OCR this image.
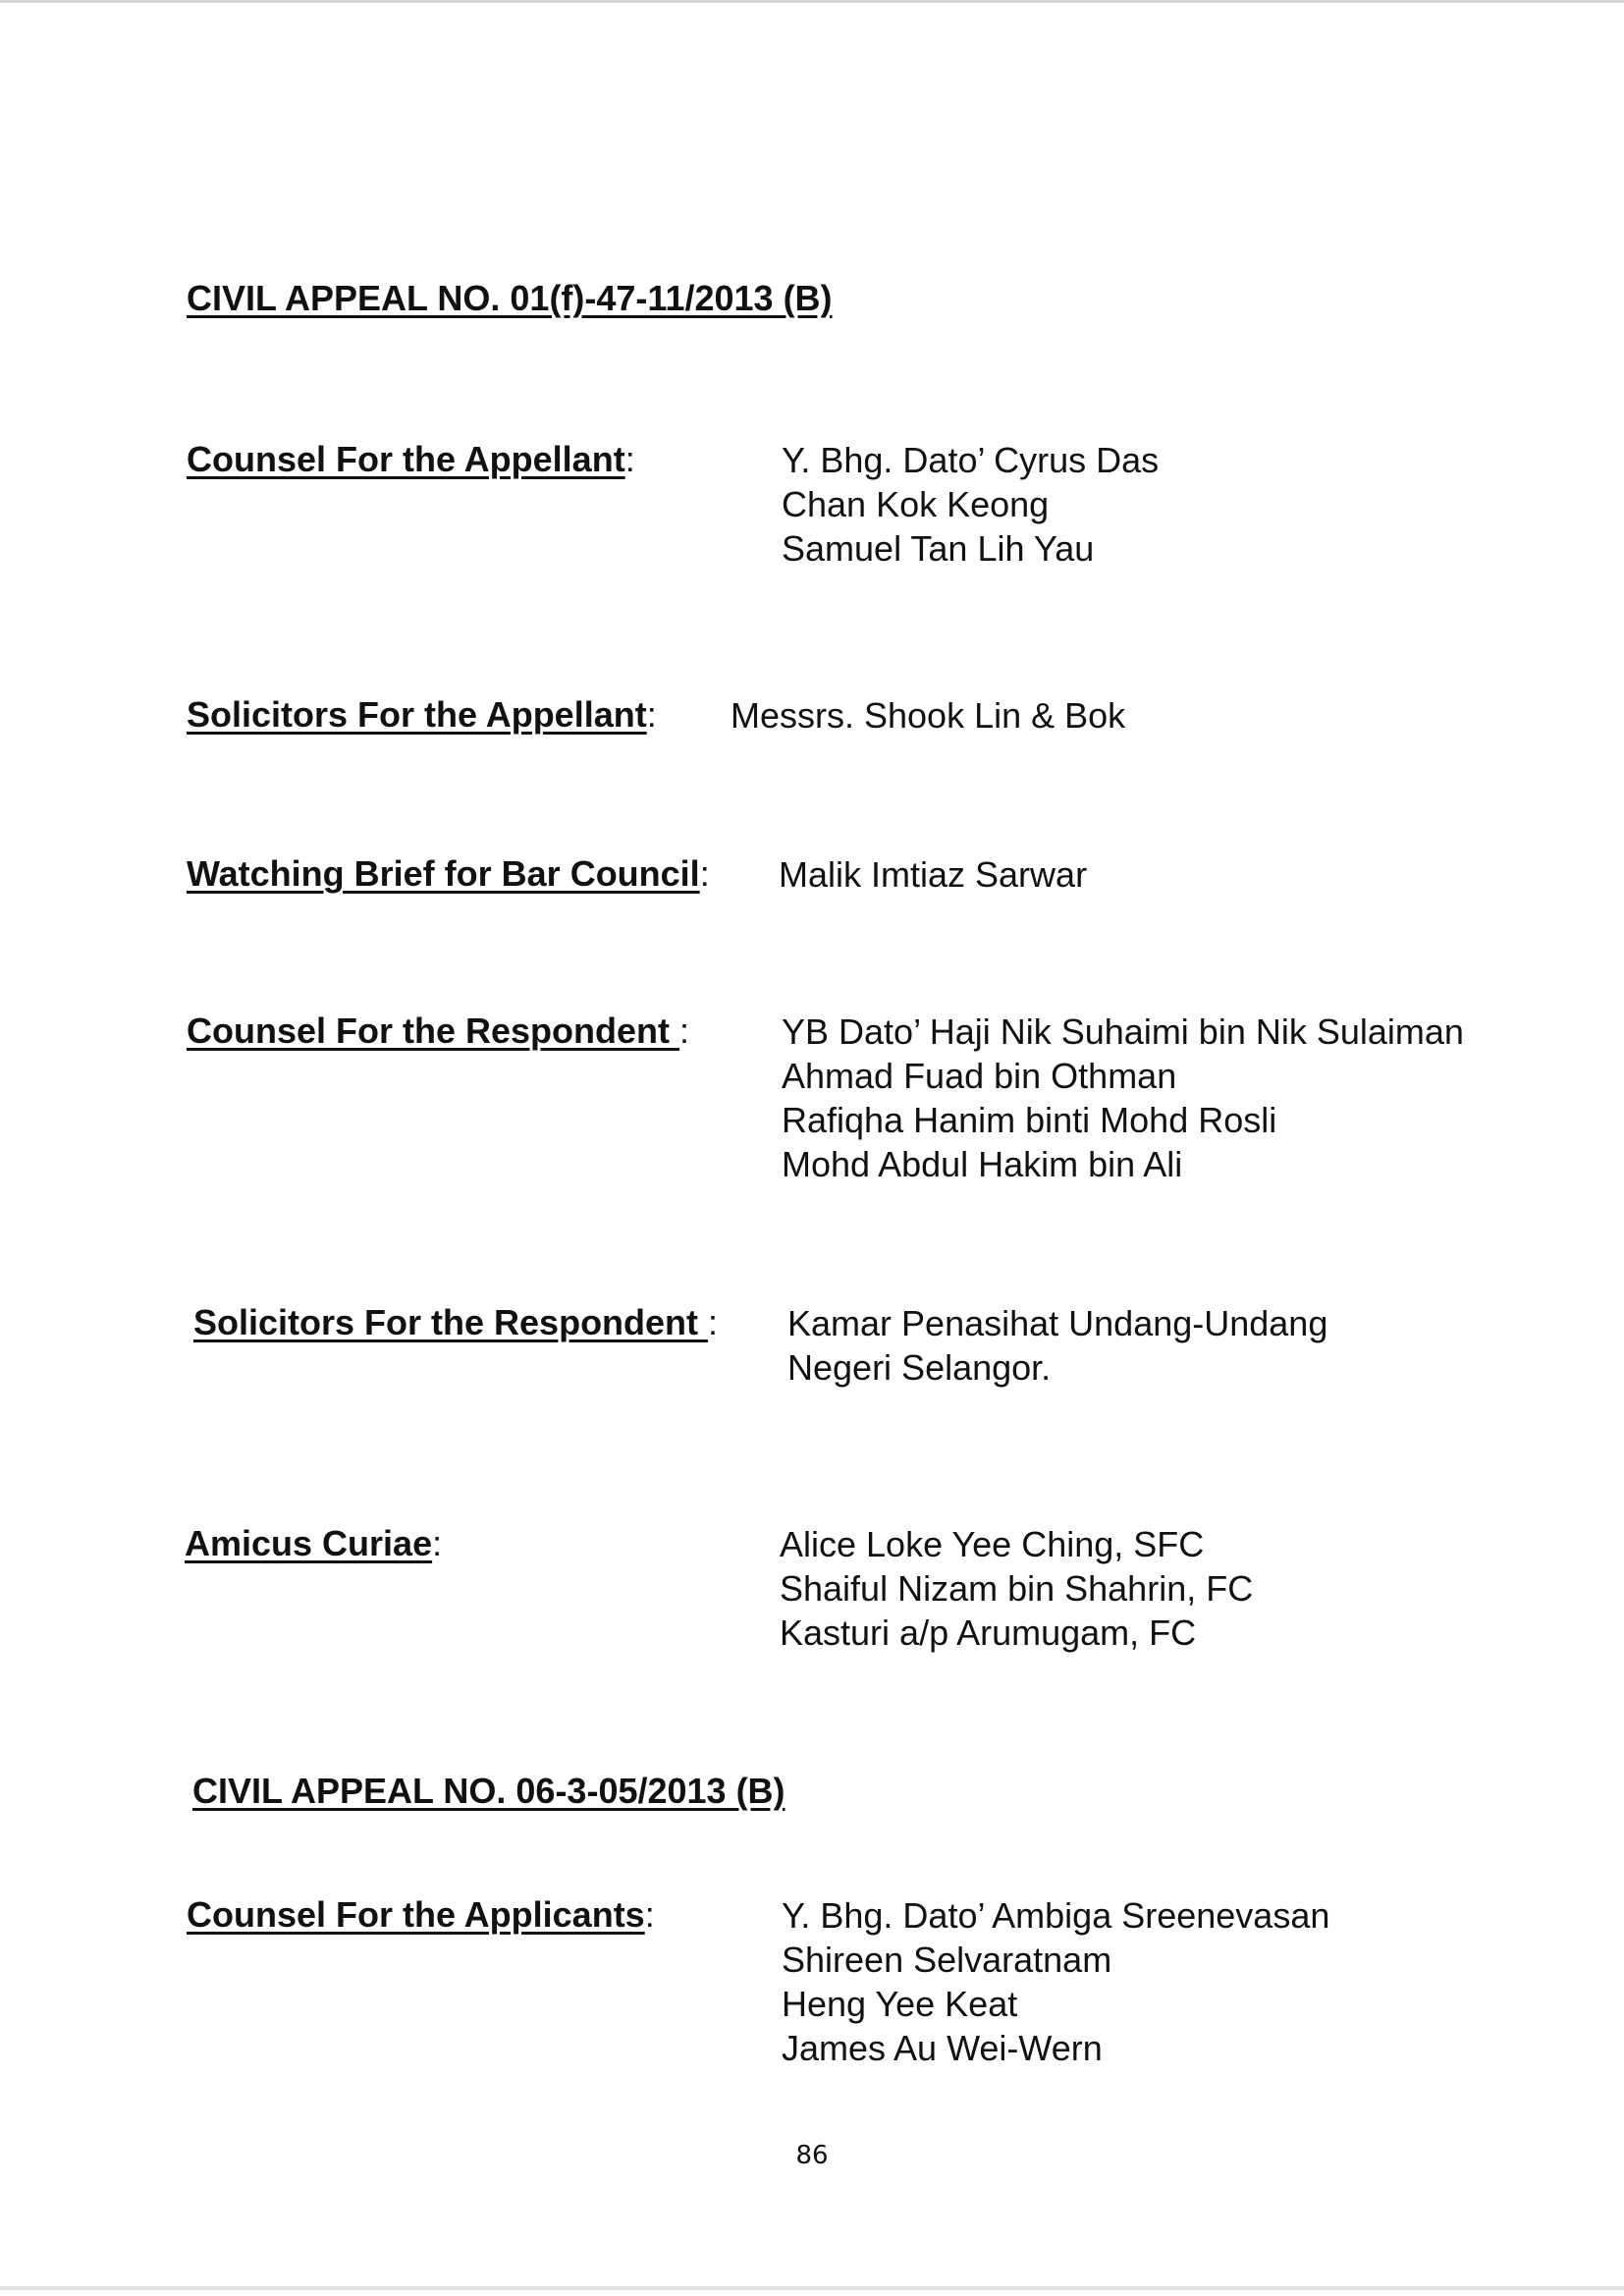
CIVIL APPEAL NO. 01(f)-47-11/2013 (B)
Counsel For the Appellant:	Y. Bhg. Dato’ Cyrus Das
Chan Kok Keong
Samuel Tan Lih Yau
Solicitors For the Appellant: Messrs. Shook Lin & Bok
Watching Brief for Bar Council: Malik Imtiaz Sarwar
Counsel For the Respondent :	YB Dato’ Haji Nik Suhaimi bin Nik Sulaiman
Ahmad Fuad bin Othman
Rafiqha Hanim binti Mohd Rosli
Mohd Abdul Hakim bin Ali
Solicitors For the Respondent : Kamar Penasihat Undang-Undang
Negeri Selangor.
Amicus Curiae:	Alice Loke Yee Ching, SFC
Shaiful Nizam bin Shahrin, FC
Kasturi a/p Arumugam, FC
CIVIL APPEAL NO. 06-3-05/2013 (B)
Counsel For the Applicants:	Y. Bhg. Dato’ Ambiga Sreenevasan
Shireen Selvaratnam
Heng Yee Keat
James Au Wei-Wern
86
